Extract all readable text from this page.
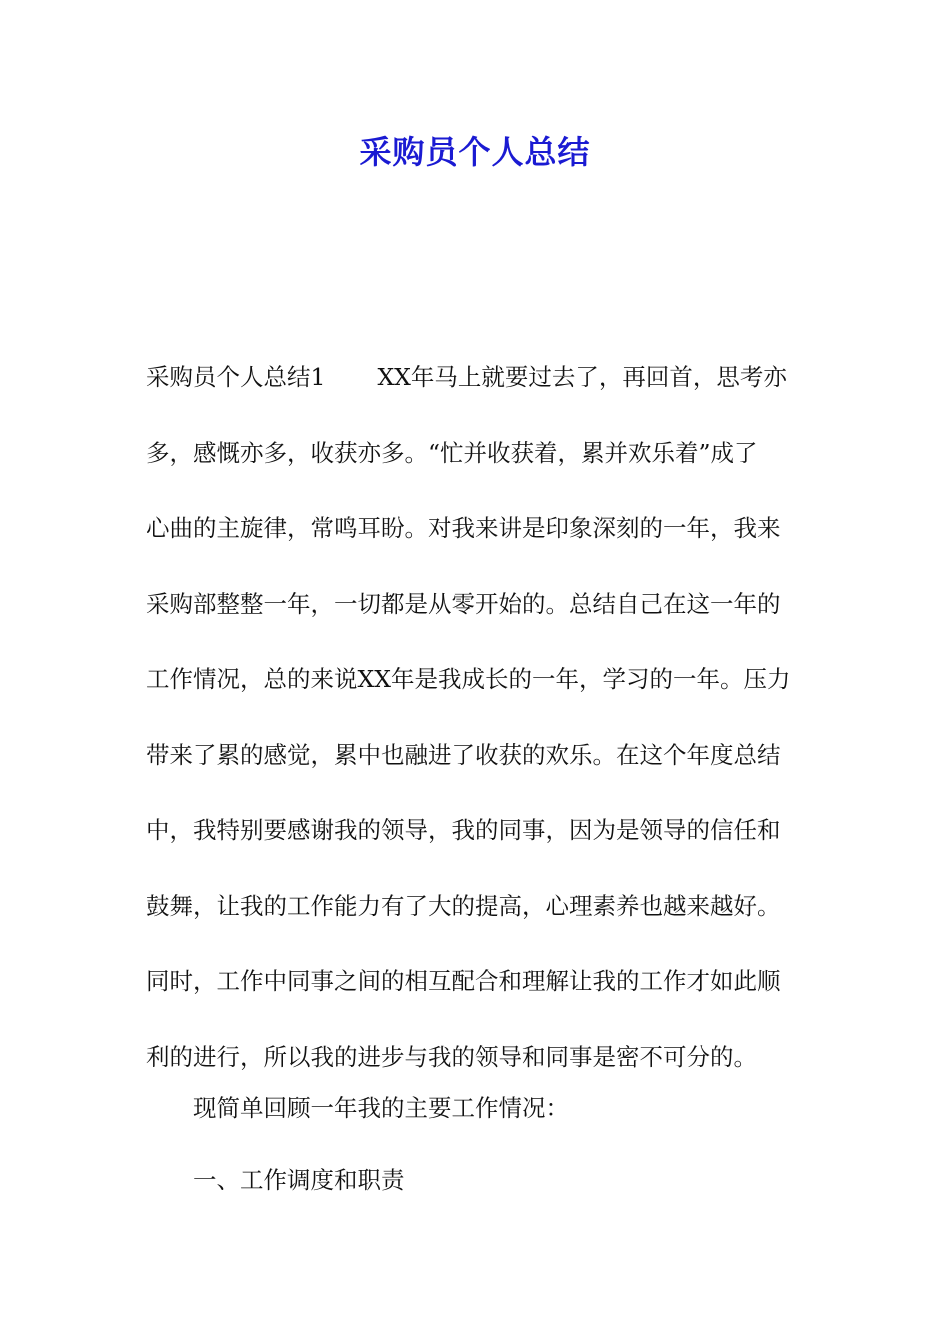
采购员个人总结
采购员个人总结1 XX年马上就要过去了，再回首，思考亦
多，感慨亦多，收获亦多。“忙并收获着，累并欢乐着”成了
心曲的主旋律，常鸣耳盼。对我来讲是印象深刻的一年，我来
采购部整整一年，一切都是从零开始的。总结自己在这一年的
工作情况，总的来说XX年是我成长的一年，学习的一年。压力
带来了累的感觉，累中也融进了收获的欢乐。在这个年度总结
中，我特别要感谢我的领导，我的同事，因为是领导的信任和
鼓舞，让我的工作能力有了大的提高，心理素养也越来越好。
同时，工作中同事之间的相互配合和理解让我的工作才如此顺
利的进行，所以我的进步与我的领导和同事是密不可分的。
现简单回顾一年我的主要工作情况：
一、工作调度和职责
